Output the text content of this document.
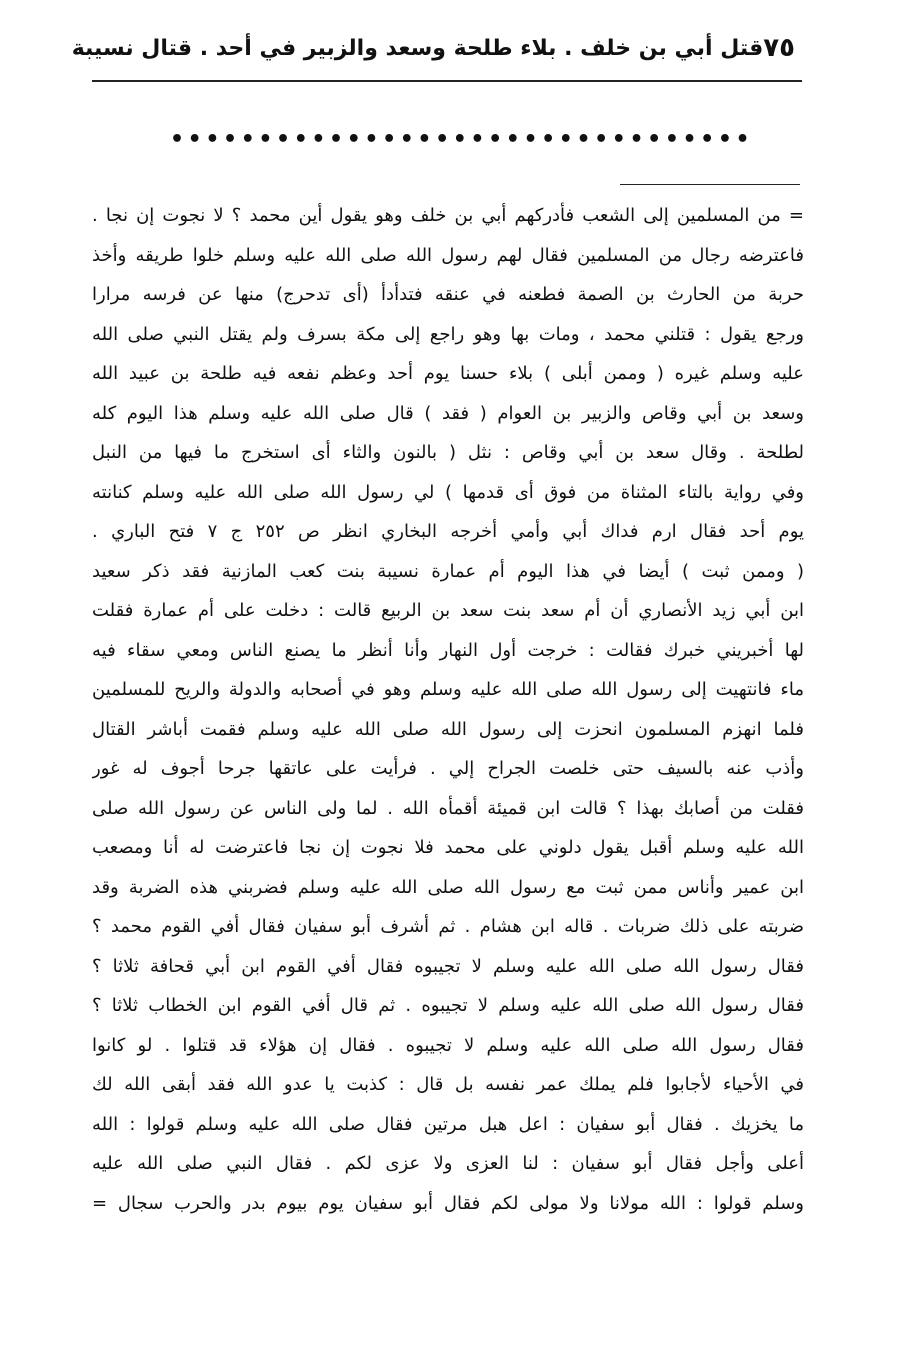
٧٥
قتل أبي بن خلف . بلاء طلحة وسعد والزبير في أحد . قتال نسيبة
• • • • • • • • • • • • • • • • • • • • • • • • • • • • • • • • •
= من المسلمين إلى الشعب فأدركهم أبي بن خلف وهو يقول أين محمد ؟ لا نجوت إن نجا .
فاعترضه رجال من المسلمين فقال لهم رسول الله صلى الله عليه وسلم خلوا طريقه وأخذ
حربة من الحارث بن الصمة فطعنه في عنقه فتدأدأ (أى تدحرج) منها عن فرسه مرارا
ورجع يقول : قتلني محمد ، ومات بها وهو راجع إلى مكة بسرف ولم يقتل النبي صلى الله
عليه وسلم غيره ( وممن أبلى ) بلاء حسنا يوم أحد وعظم نفعه فيه طلحة بن عبيد الله
وسعد بن أبي وقاص والزبير بن العوام ( فقد ) قال صلى الله عليه وسلم هذا اليوم كله
لطلحة . وقال سعد بن أبي وقاص : نثل ( بالنون والثاء أى استخرج ما فيها من النبل
وفي رواية بالتاء المثناة من فوق أى قدمها ) لي رسول الله صلى الله عليه وسلم كنانته
يوم أحد فقال ارم فداك أبي وأمي أخرجه البخاري انظر ص ٢٥٢ ج ٧ فتح الباري .
( وممن ثبت ) أيضا في هذا اليوم أم عمارة نسيبة بنت كعب المازنية فقد ذكر سعيد
ابن أبي زيد الأنصاري أن أم سعد بنت سعد بن الربيع قالت : دخلت على أم عمارة فقلت
لها أخبريني خبرك فقالت : خرجت أول النهار وأنا أنظر ما يصنع الناس ومعي سقاء فيه
ماء فانتهيت إلى رسول الله صلى الله عليه وسلم وهو في أصحابه والدولة والريح للمسلمين
فلما انهزم المسلمون انحزت إلى رسول الله صلى الله عليه وسلم فقمت أباشر القتال
وأذب عنه بالسيف حتى خلصت الجراح إلي . فرأيت على عاتقها جرحا أجوف له غور
فقلت من أصابك بهذا ؟ قالت ابن قميئة أقمأه الله . لما ولى الناس عن رسول الله صلى
الله عليه وسلم أقبل يقول دلوني على محمد فلا نجوت إن نجا فاعترضت له أنا ومصعب
ابن عمير وأناس ممن ثبت مع رسول الله صلى الله عليه وسلم فضربني هذه الضربة وقد
ضربته على ذلك ضربات . قاله ابن هشام . ثم أشرف أبو سفيان فقال أفي القوم محمد ؟
فقال رسول الله صلى الله عليه وسلم لا تجيبوه فقال أفي القوم ابن أبي قحافة ثلاثا ؟
فقال رسول الله صلى الله عليه وسلم لا تجيبوه . ثم قال أفي القوم ابن الخطاب ثلاثا ؟
فقال رسول الله صلى الله عليه وسلم لا تجيبوه . فقال إن هؤلاء قد قتلوا . لو كانوا
في الأحياء لأجابوا فلم يملك عمر نفسه بل قال : كذبت يا عدو الله فقد أبقى الله لك
ما يخزيك . فقال أبو سفيان : اعل هبل مرتين فقال صلى الله عليه وسلم قولوا : الله
أعلى وأجل فقال أبو سفيان : لنا العزى ولا عزى لكم . فقال النبي صلى الله عليه
وسلم قولوا : الله مولانا ولا مولى لكم فقال أبو سفيان يوم بيوم بدر والحرب سجال =
